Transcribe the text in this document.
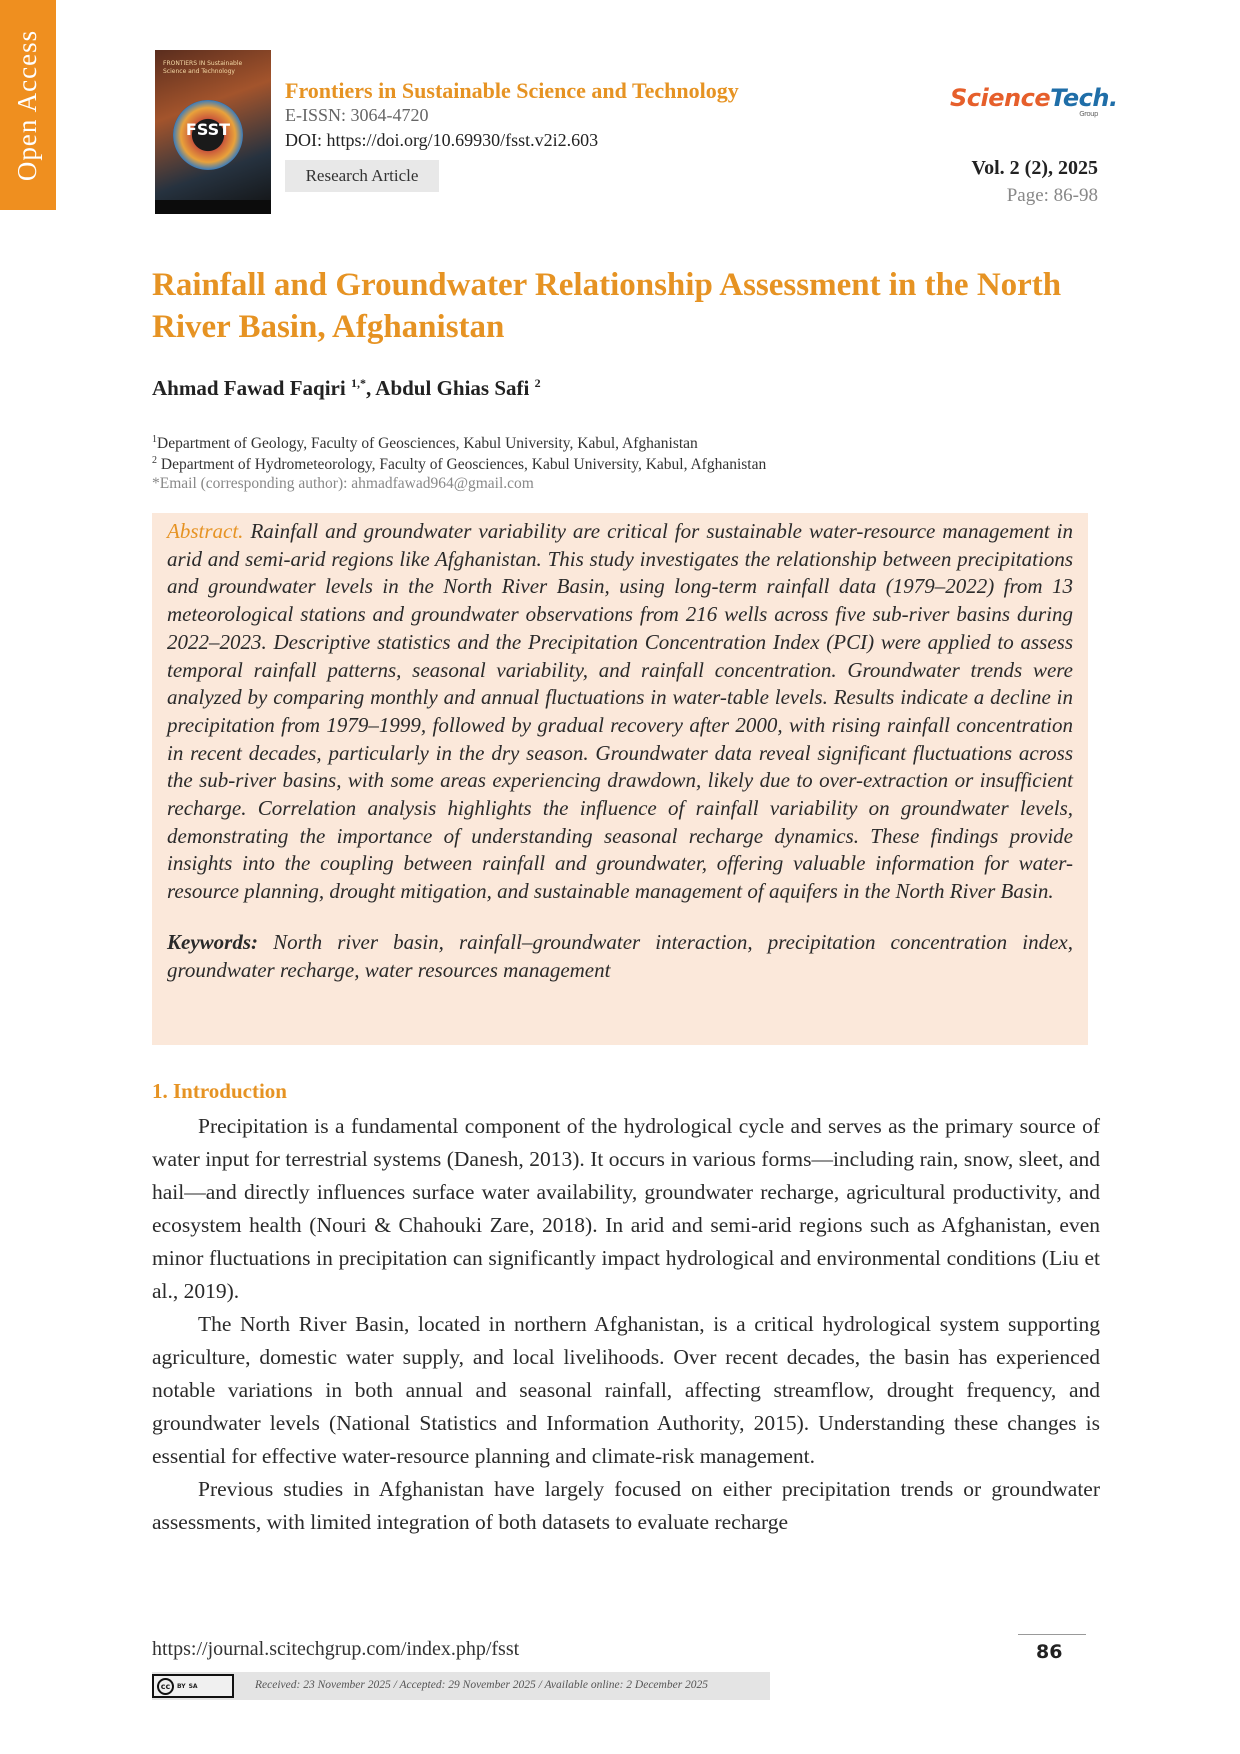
Open Access	FRONTIERS IN Sustainable Science and Technology
FSST
Frontiers in Sustainable Science and Technology
E-ISSN: 3064-4720
DOI: https://doi.org/10.69930/fsst.v2i2.603
Research Article
ScienceTech.
Group
Vol. 2 (2), 2025
Page: 86-98
Rainfall and Groundwater Relationship Assessment in the North River Basin, Afghanistan
Ahmad Fawad Faqiri $^{1,*}$, Abdul Ghias Safi $^2$
$^1$Department of Geology, Faculty of Geosciences, Kabul University, Kabul, Afghanistan
$^2$ Department of Hydrometeorology, Faculty of Geosciences, Kabul University, Kabul, Afghanistan
*Email (corresponding author): ahmadfawad964@gmail.com

Abstract. Rainfall and groundwater variability are critical for sustainable water-resource management in arid and semi-arid regions like Afghanistan. This study investigates the relationship between precipitations and groundwater levels in the North River Basin, using long-term rainfall data (1979–2022) from 13 meteorological stations and groundwater observations from 216 wells across five sub-river basins during 2022–2023. Descriptive statistics and the Precipitation Concentration Index (PCI) were applied to assess temporal rainfall patterns, seasonal variability, and rainfall concentration. Groundwater trends were analyzed by comparing monthly and annual fluctuations in water-table levels. Results indicate a decline in precipitation from 1979–1999, followed by gradual recovery after 2000, with rising rainfall concentration in recent decades, particularly in the dry season. Groundwater data reveal significant fluctuations across the sub-river basins, with some areas experiencing drawdown, likely due to over-extraction or insufficient recharge. Correlation analysis highlights the influence of rainfall variability on groundwater levels, demonstrating the importance of understanding seasonal recharge dynamics. These findings provide insights into the coupling between rainfall and groundwater, offering valuable information for water-resource planning, drought mitigation, and sustainable management of aquifers in the North River Basin.

Keywords: North river basin, rainfall–groundwater interaction, precipitation concentration index, groundwater recharge, water resources management

1. Introduction

Precipitation is a fundamental component of the hydrological cycle and serves as the primary source of water input for terrestrial systems (Danesh, 2013). It occurs in various forms—including rain, snow, sleet, and hail—and directly influences surface water availability, groundwater recharge, agricultural productivity, and ecosystem health (Nouri & Chahouki Zare, 2018). In arid and semi-arid regions such as Afghanistan, even minor fluctuations in precipitation can significantly impact hydrological and environmental conditions (Liu et al., 2019).

The North River Basin, located in northern Afghanistan, is a critical hydrological system supporting agriculture, domestic water supply, and local livelihoods. Over recent decades, the basin has experienced notable variations in both annual and seasonal rainfall, affecting streamflow, drought frequency, and groundwater levels (National Statistics and Information Authority, 2015). Understanding these changes is essential for effective water-resource planning and climate-risk management.

Previous studies in Afghanistan have largely focused on either precipitation trends or groundwater assessments, with limited integration of both datasets to evaluate recharge

https://journal.scitechgrup.com/index.php/fsst	86
cc	BY SA	Received: 23 November 2025 / Accepted: 29 November 2025 / Available online: 2 December 2025
